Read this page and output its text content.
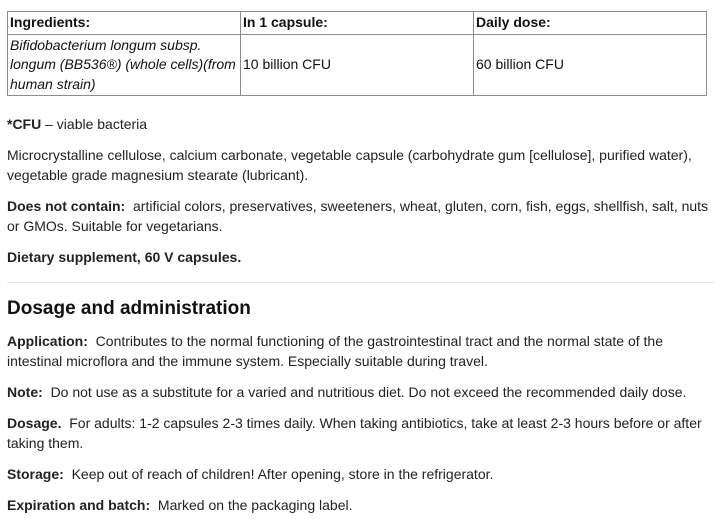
Ingredients:	In 1 capsule:	Daily dose:
Bifidobacterium longum subsp. longum (BB536®) (whole cells)(from human strain)	10 billion CFU	60 billion CFU

*CFU – viable bacteria

Microcrystalline cellulose, calcium carbonate, vegetable capsule (carbohydrate gum [cellulose], purified water), vegetable grade magnesium stearate (lubricant).

Does not contain: artificial colors, preservatives, sweeteners, wheat, gluten, corn, fish, eggs, shellfish, salt, nuts or GMOs. Suitable for vegetarians.

Dietary supplement, 60 V capsules.

Dosage and administration

Application: Contributes to the normal functioning of the gastrointestinal tract and the normal state of the intestinal microflora and the immune system. Especially suitable during travel.

Note: Do not use as a substitute for a varied and nutritious diet. Do not exceed the recommended daily dose.

Dosage. For adults: 1-2 capsules 2-3 times daily. When taking antibiotics, take at least 2-3 hours before or after taking them.

Storage: Keep out of reach of children! After opening, store in the refrigerator.

Expiration and batch: Marked on the packaging label.
